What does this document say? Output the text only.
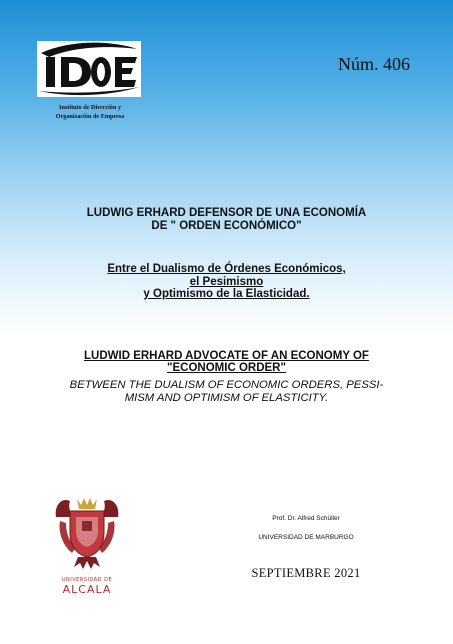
IDOE
Instituto de Dirección y
Organización de Empresa
Núm. 406
LUDWIG ERHARD DEFENSOR DE UNA ECONOMÍA
DE " ORDEN ECONÓMICO"
Entre el Dualismo de Órdenes Económicos,
el Pesimismo
y Optimismo de la Elasticidad.
LUDWID ERHARD ADVOCATE OF AN ECONOMY OF
"ECONOMIC ORDER"
BETWEEN THE DUALISM OF ECONOMIC ORDERS, PESSI-
MISM AND OPTIMISM OF ELASTICITY.
UNIVERSIDAD DE
ALCALA
Prof. Dr. Alfred Schüller
UNIVERSIDAD DE MARBURGO
SEPTIEMBRE 2021
